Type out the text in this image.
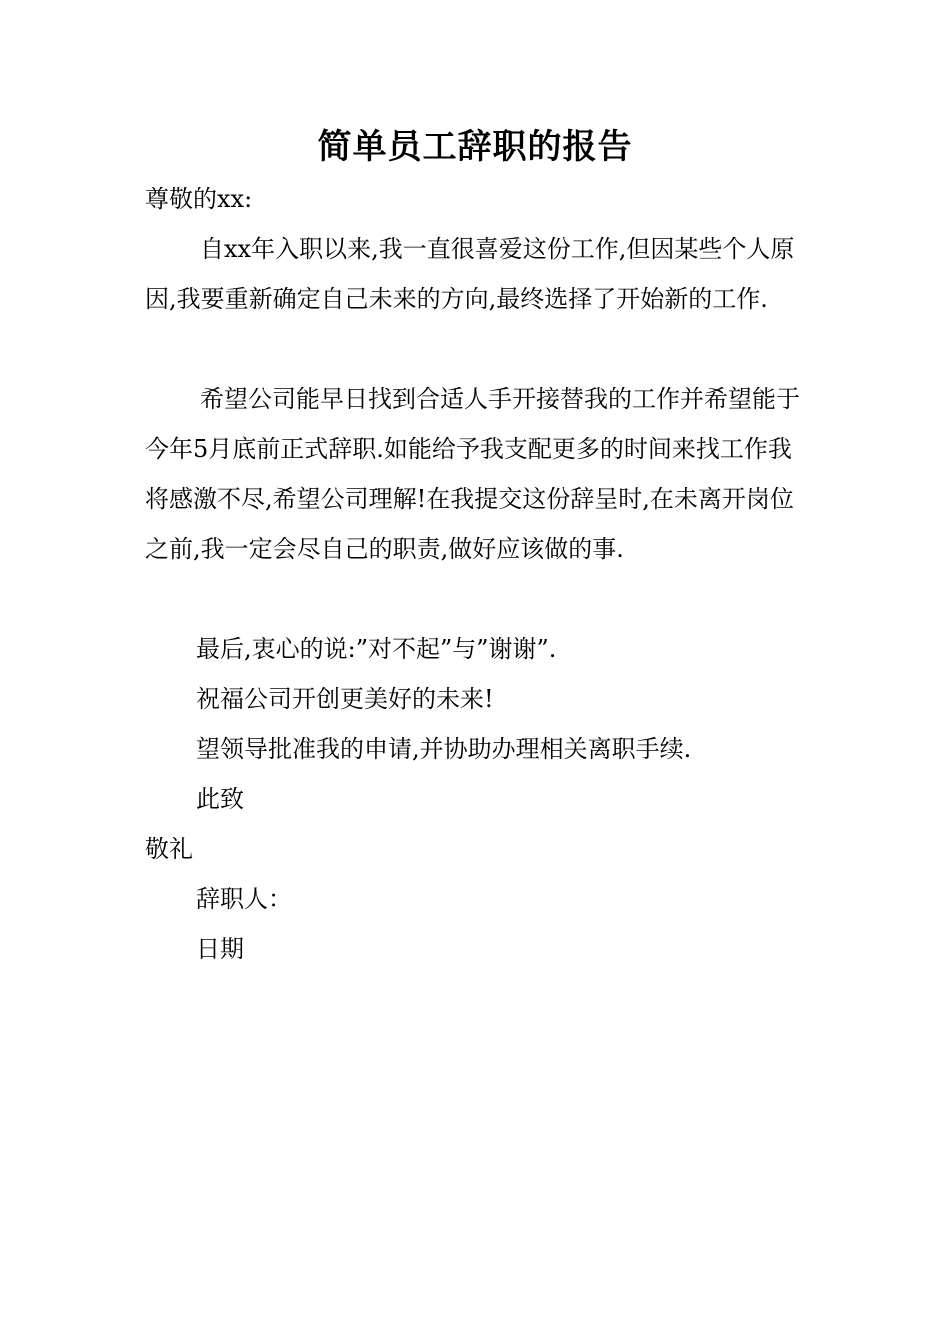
简单员工辞职的报告

尊敬的xx:

自xx年入职以来,我一直很喜爱这份工作,但因某些个人原因,我要重新确定自己未来的方向,最终选择了开始新的工作.

希望公司能早日找到合适人手开接替我的工作并希望能于今年5月底前正式辞职.如能给予我支配更多的时间来找工作我将感激不尽,希望公司理解!在我提交这份辞呈时,在未离开岗位之前,我一定会尽自己的职责,做好应该做的事.

最后,衷心的说:”对不起”与”谢谢”.

祝福公司开创更美好的未来!

望领导批准我的申请,并协助办理相关离职手续.

此致

敬礼

辞职人：

日期
